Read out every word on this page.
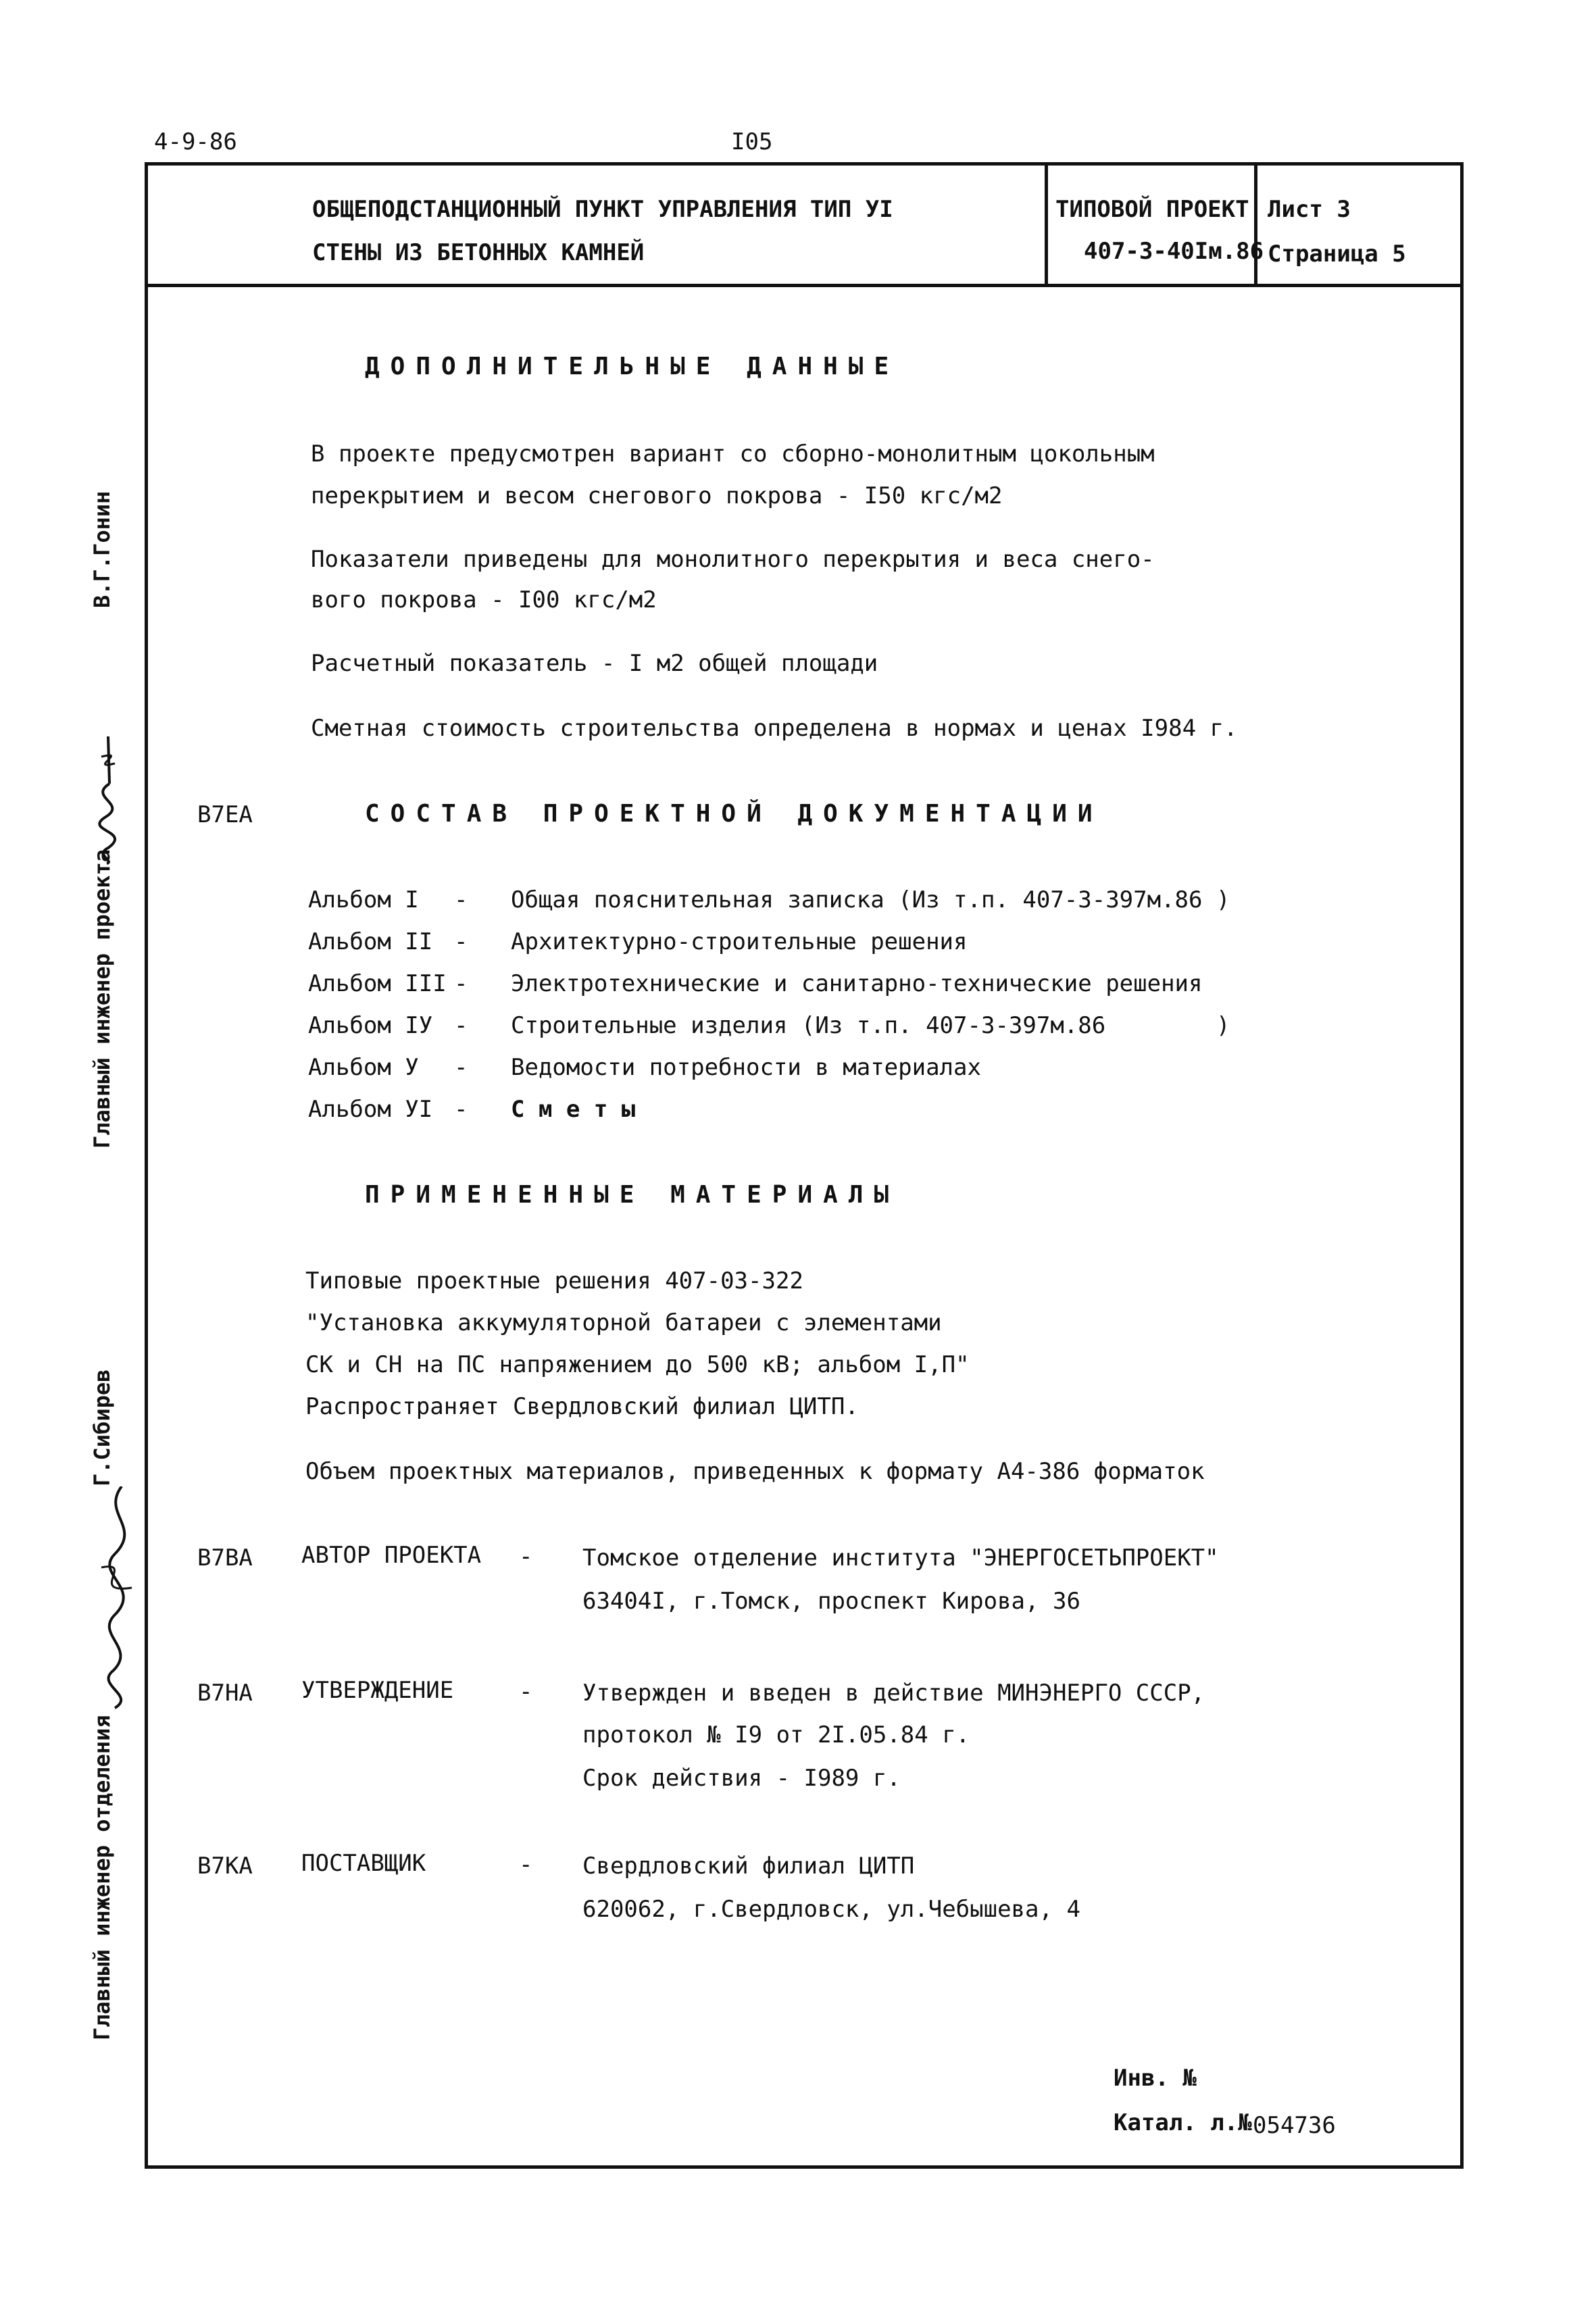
4-9-86	I05
ОБЩЕПОДСТАНЦИОННЫЙ ПУНКТ УПРАВЛЕНИЯ ТИП УI
СТЕНЫ ИЗ БЕТОННЫХ КАМНЕЙ
ТИПОВОЙ ПРОЕКТ
407-3-40Iм.86
Лист 3
Страница 5
В.Г.Гонин
Главный инженер проекта
Г.Сибирев
Главный инженер отделения
ДОПОЛНИТЕЛЬНЫЕ ДАННЫЕ
В проекте предусмотрен вариант со сборно-монолитным цокольным
перекрытием и весом снегового покрова - I50 кгс/м2
Показатели приведены для монолитного перекрытия и веса снего-
вого покрова - I00 кгс/м2
Расчетный показатель - I м2 общей площади
Сметная стоимость строительства определена в нормах и ценах I984 г.
В7ЕА	СОСТАВ ПРОЕКТНОЙ ДОКУМЕНТАЦИИ
Альбом I - Общая пояснительная записка (Из т.п. 407-3-397м.86 )
Альбом II - Архитектурно-строительные решения
Альбом III - Электротехнические и санитарно-технические решения
Альбом IУ - Строительные изделия (Из т.п. 407-3-397м.86	)
Альбом У - Ведомости потребности в материалах
Альбом УI - С м е т ы
ПРИМЕНЕННЫЕ МАТЕРИАЛЫ
Типовые проектные решения 407-03-322
"Установка аккумуляторной батареи с элементами
СК и СН на ПС напряжением до 500 кВ; альбом I,П"
Распространяет Свердловский филиал ЦИТП.
Объем проектных материалов, приведенных к формату А4-386 форматок
В7ВА АВТОР ПРОЕКТА - Томское отделение института "ЭНЕРГОСЕТЬПРОЕКТ"
63404I, г.Томск, проспект Кирова, 36
В7НА УТВЕРЖДЕНИЕ	- Утвержден и введен в действие МИНЭНЕРГО СССР,
протокол № I9 от 2I.05.84 г.
Срок действия - I989 г.
В7КА ПОСТАВЩИК	- Свердловский филиал ЦИТП
620062, г.Свердловск, ул.Чебышева, 4
Инв. №
Катал. л.№ 054736
